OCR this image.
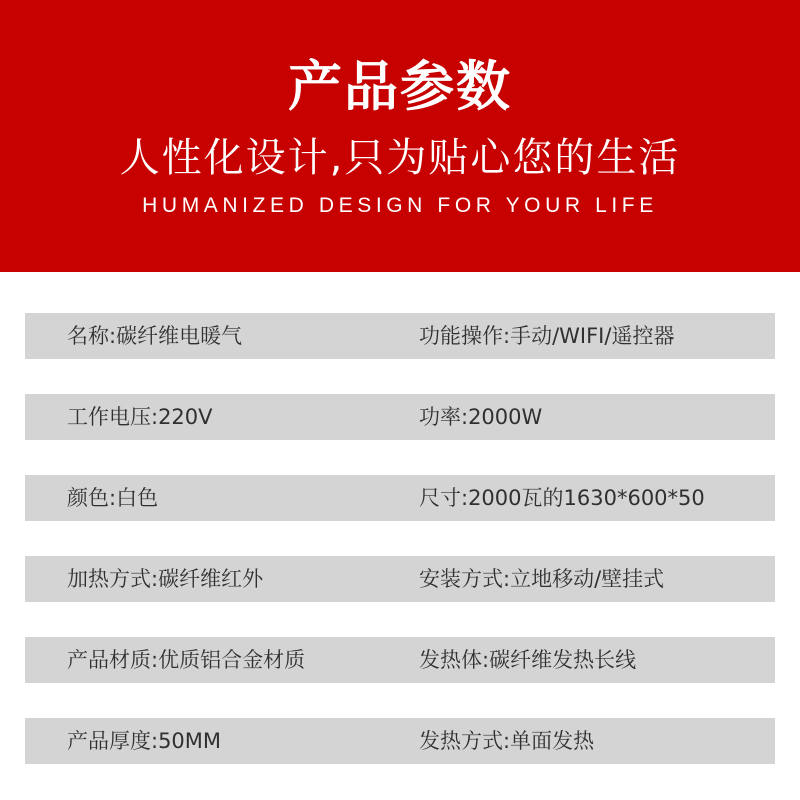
产品参数
人性化设计,只为贴心您的生活
HUMANIZED DESIGN FOR YOUR LIFE
名称:碳纤维电暖气	功能操作:手动/WIFI/遥控器
工作电压:220V	功率:2000W
颜色:白色	尺寸:2000瓦的1630*600*50
加热方式:碳纤维红外	安装方式:立地移动/壁挂式
产品材质:优质铝合金材质	发热体:碳纤维发热长线
产品厚度:50MM	发热方式:单面发热
